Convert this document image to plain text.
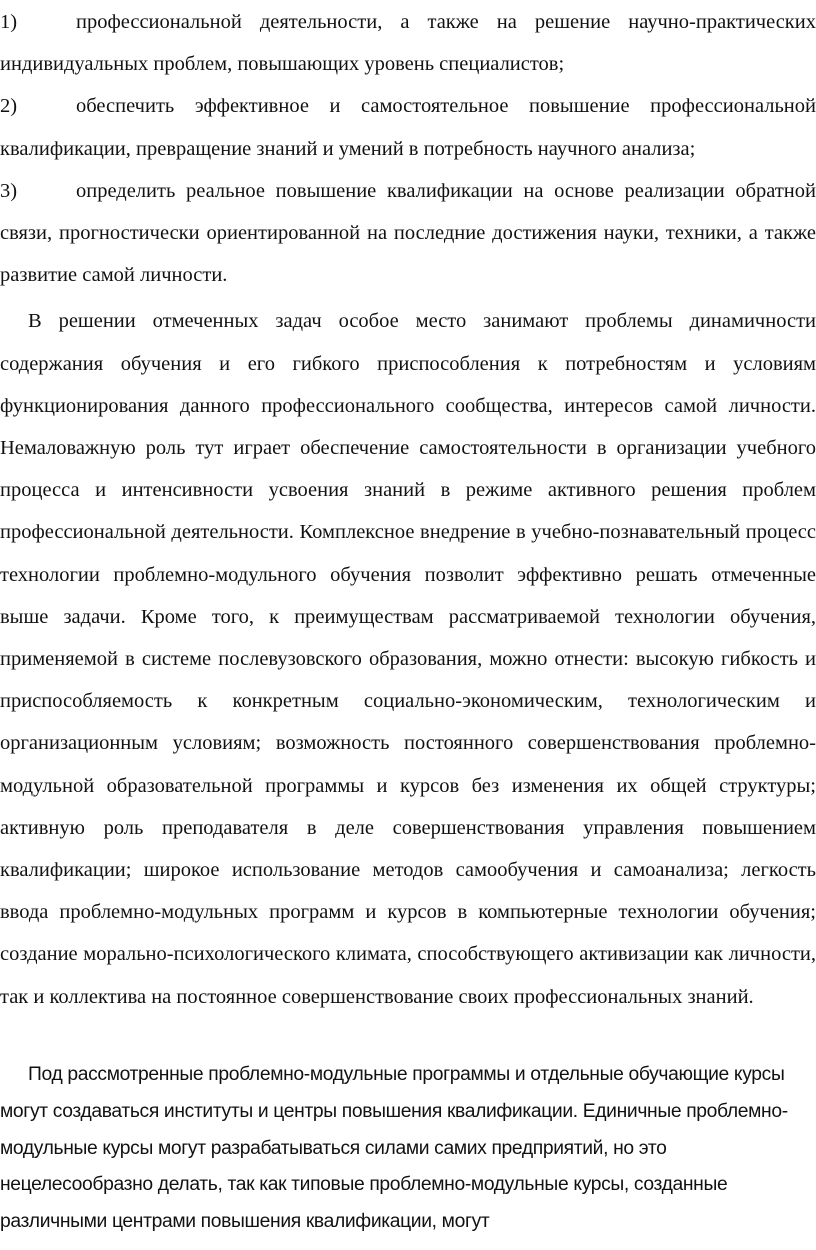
1)	профессиональной деятельности, а также на решение научно-практических индивидуальных проблем, повышающих уровень специалистов;

2)	обеспечить эффективное и самостоятельное повышение профессиональной квалификации, превращение знаний и умений в потребность научного анализа;

3)	определить реальное повышение квалификации на основе реализации обратной связи, прогностически ориентированной на последние достижения науки, техники, а также развитие самой личности.

В решении отмеченных задач особое место занимают проблемы динамичности содержания обучения и его гибкого приспособления к потребностям и условиям функционирования данного профессионального сообщества, интересов самой личности. Немаловажную роль тут играет обеспечение самостоятельности в организации учебного процесса и интенсивности усвоения знаний в режиме активного решения проблем профессиональной деятельности. Комплексное внедрение в учебно-познавательный процесс технологии проблемно-модульного обучения позволит эффективно решать отмеченные выше задачи. Кроме того, к преимуществам рассматриваемой технологии обучения, применяемой в системе послевузовского образования, можно отнести: высокую гибкость и приспособляемость к конкретным социально-экономическим, технологическим и организационным условиям; возможность постоянного совершенствования проблемно-модульной образовательной программы и курсов без изменения их общей структуры; активную роль преподавателя в деле совершенствования управления повышением квалификации; широкое использование методов самообучения и самоанализа; легкость ввода проблемно-модульных программ и курсов в компьютерные технологии обучения; создание морально-психологического климата, способствующего активизации как личности, так и коллектива на постоянное совершенствование своих профессиональных знаний.

Под рассмотренные проблемно-модульные программы и отдельные обучающие курсы могут создаваться институты и центры повышения квалификации. Единичные проблемно-модульные курсы могут разрабатываться силами самих предприятий, но это нецелесообразно делать, так как типовые проблемно-модульные курсы, созданные различными центрами повышения квалификации, могут
